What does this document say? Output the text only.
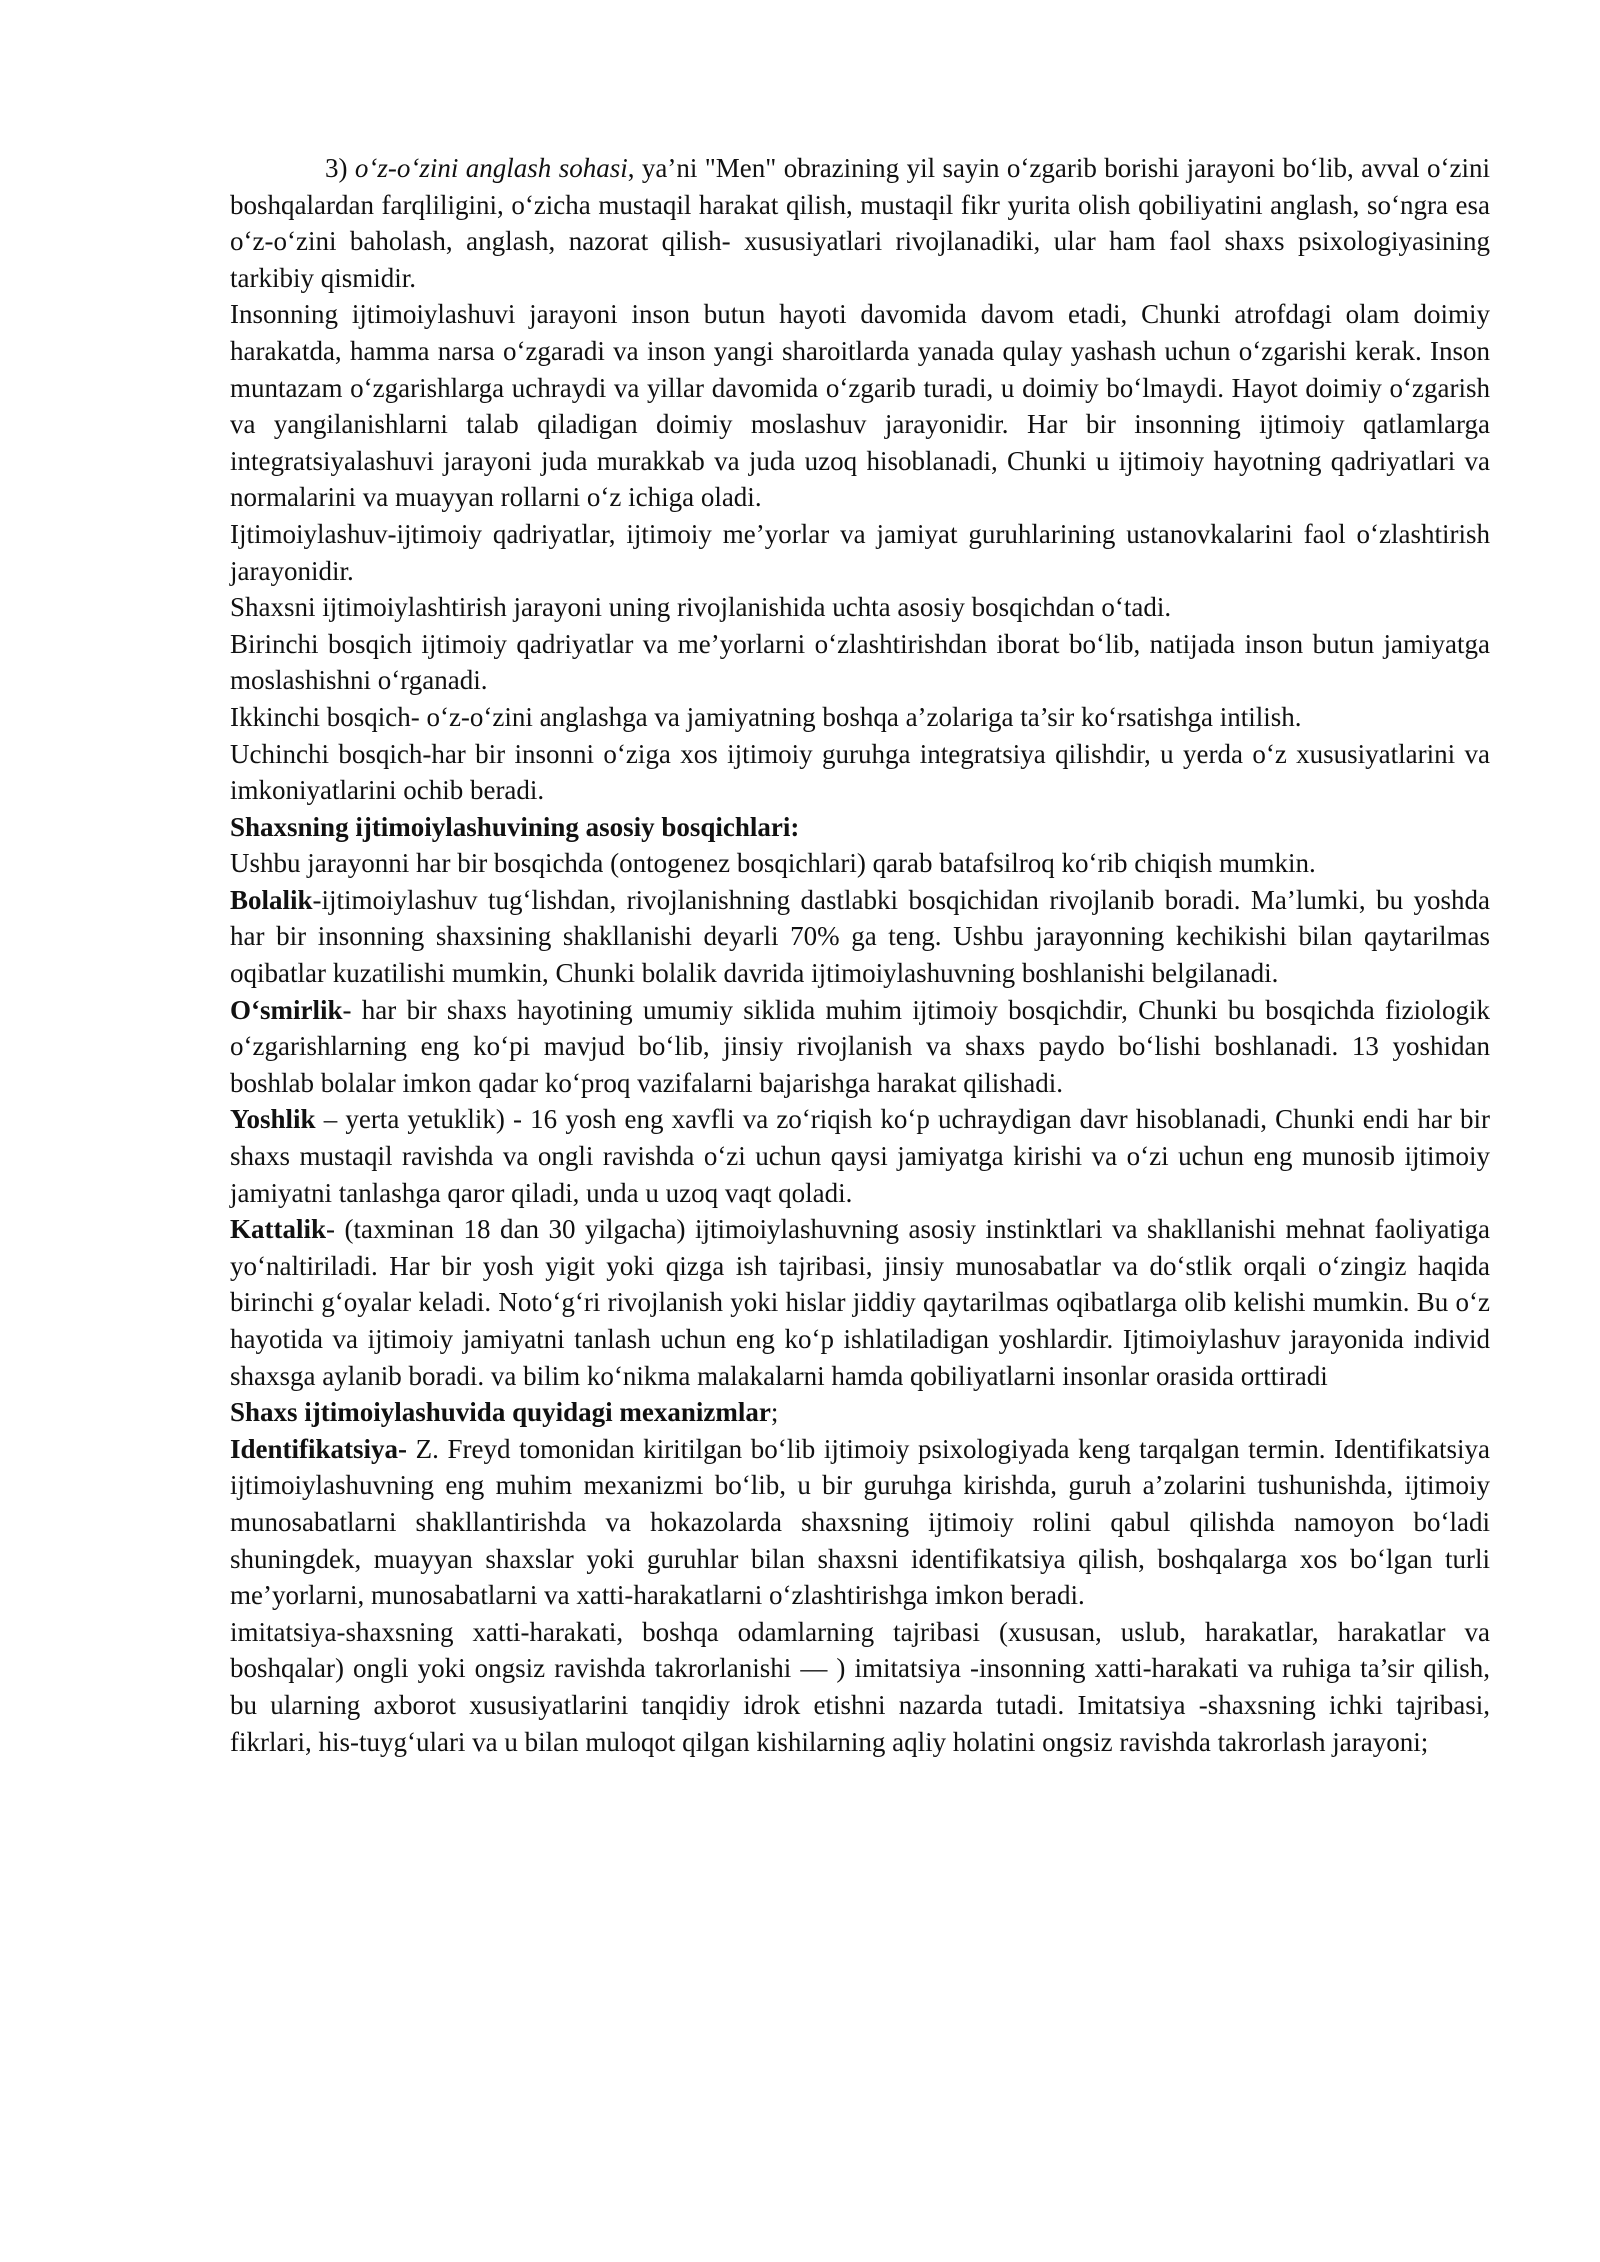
3) o‘z-o‘zini anglash sohasi, ya’ni "Men" obrazining yil sayin o‘zgarib borishi jarayoni bo‘lib, avval o‘zini boshqalardan farqliligini, o‘zicha mustaqil harakat qilish, mustaqil fikr yurita olish qobiliyatini anglash, so‘ngra esa o‘z-o‘zini baholash, anglash, nazorat qilish- xususiyatlari rivojlanadiki, ular ham faol shaxs psixologiyasining tarkibiy qismidir.

Insonning ijtimoiylashuvi jarayoni inson butun hayoti davomida davom etadi, Chunki atrofdagi olam doimiy harakatda, hamma narsa o‘zgaradi va inson yangi sharoitlarda yanada qulay yashash uchun o‘zgarishi kerak. Inson muntazam o‘zgarishlarga uchraydi va yillar davomida o‘zgarib turadi, u doimiy bo‘lmaydi. Hayot doimiy o‘zgarish va yangilanishlarni talab qiladigan doimiy moslashuv jarayonidir. Har bir insonning ijtimoiy qatlamlarga integratsiyalashuvi jarayoni juda murakkab va juda uzoq hisoblanadi, Chunki u ijtimoiy hayotning qadriyatlari va normalarini va muayyan rollarni o‘z ichiga oladi.

Ijtimoiylashuv-ijtimoiy qadriyatlar, ijtimoiy me’yorlar va jamiyat guruhlarining ustanovkalarini faol o‘zlashtirish jarayonidir.

Shaxsni ijtimoiylashtirish jarayoni uning rivojlanishida uchta asosiy bosqichdan o‘tadi.

Birinchi bosqich ijtimoiy qadriyatlar va me’yorlarni o‘zlashtirishdan iborat bo‘lib, natijada inson butun jamiyatga moslashishni o‘rganadi.

Ikkinchi bosqich- o‘z-o‘zini anglashga va jamiyatning boshqa a’zolariga ta’sir ko‘rsatishga intilish.

Uchinchi bosqich-har bir insonni o‘ziga xos ijtimoiy guruhga integratsiya qilishdir, u yerda o‘z xususiyatlarini va imkoniyatlarini ochib beradi.

Shaxsning ijtimoiylashuvining asosiy bosqichlari:

Ushbu jarayonni har bir bosqichda (ontogenez bosqichlari) qarab batafsilroq ko‘rib chiqish mumkin.

Bolalik-ijtimoiylashuv tug‘lishdan, rivojlanishning dastlabki bosqichidan rivojlanib boradi. Ma’lumki, bu yoshda har bir insonning shaxsining shakllanishi deyarli 70% ga teng. Ushbu jarayonning kechikishi bilan qaytarilmas oqibatlar kuzatilishi mumkin, Chunki bolalik davrida ijtimoiylashuvning boshlanishi belgilanadi.

O‘smirlik- har bir shaxs hayotining umumiy siklida muhim ijtimoiy bosqichdir, Chunki bu bosqichda fiziologik o‘zgarishlarning eng ko‘pi mavjud bo‘lib, jinsiy rivojlanish va shaxs paydo bo‘lishi boshlanadi. 13 yoshidan boshlab bolalar imkon qadar ko‘proq vazifalarni bajarishga harakat qilishadi.

Yoshlik – yerta yetuklik) - 16 yosh eng xavfli va zo‘riqish ko‘p uchraydigan davr hisoblanadi, Chunki endi har bir shaxs mustaqil ravishda va ongli ravishda o‘zi uchun qaysi jamiyatga kirishi va o‘zi uchun eng munosib ijtimoiy jamiyatni tanlashga qaror qiladi, unda u uzoq vaqt qoladi.

Kattalik- (taxminan 18 dan 30 yilgacha) ijtimoiylashuvning asosiy instinktlari va shakllanishi mehnat faoliyatiga yo‘naltiriladi. Har bir yosh yigit yoki qizga ish tajribasi, jinsiy munosabatlar va do‘stlik orqali o‘zingiz haqida birinchi g‘oyalar keladi. Noto‘g‘ri rivojlanish yoki hislar jiddiy qaytarilmas oqibatlarga olib kelishi mumkin. Bu o‘z hayotida va ijtimoiy jamiyatni tanlash uchun eng ko‘p ishlatiladigan yoshlardir. Ijtimoiylashuv jarayonida individ shaxsga aylanib boradi. va bilim ko‘nikma malakalarni hamda qobiliyatlarni insonlar orasida orttiradi

Shaxs ijtimoiylashuvida quyidagi mexanizmlar;

Identifikatsiya- Z. Freyd tomonidan kiritilgan bo‘lib ijtimoiy psixologiyada keng tarqalgan termin. Identifikatsiya ijtimoiylashuvning eng muhim mexanizmi bo‘lib, u bir guruhga kirishda, guruh a’zolarini tushunishda, ijtimoiy munosabatlarni shakllantirishda va hokazolarda shaxsning ijtimoiy rolini qabul qilishda namoyon bo‘ladi shuningdek, muayyan shaxslar yoki guruhlar bilan shaxsni identifikatsiya qilish, boshqalarga xos bo‘lgan turli me’yorlarni, munosabatlarni va xatti-harakatlarni o‘zlashtirishga imkon beradi.

imitatsiya-shaxsning xatti-harakati, boshqa odamlarning tajribasi (xususan, uslub, harakatlar, harakatlar va boshqalar) ongli yoki ongsiz ravishda takrorlanishi — ) imitatsiya -insonning xatti-harakati va ruhiga ta’sir qilish, bu ularning axborot xususiyatlarini tanqidiy idrok etishni nazarda tutadi. Imitatsiya -shaxsning ichki tajribasi, fikrlari, his-tuyg‘ulari va u bilan muloqot qilgan kishilarning aqliy holatini ongsiz ravishda takrorlash jarayoni;
